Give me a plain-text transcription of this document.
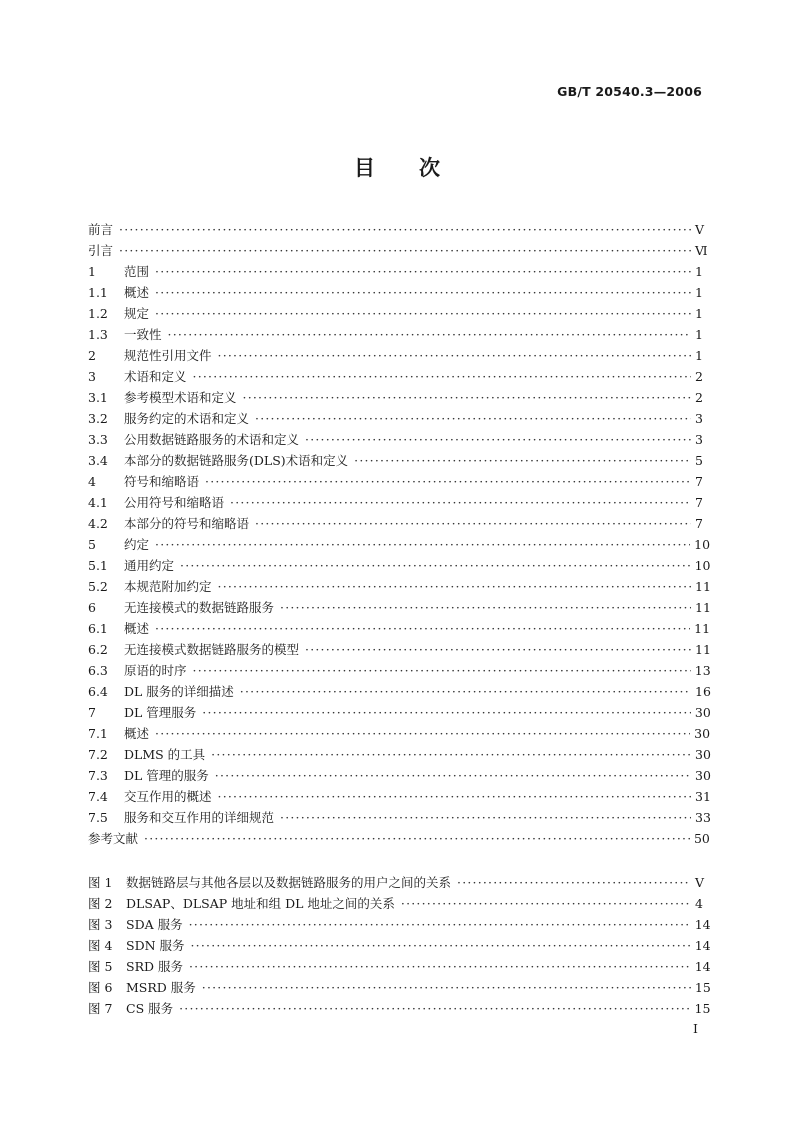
GB/T 20540.3—2006
目次
前言 ·····	Ⅴ
引言 ·····	Ⅵ
1	范围 ·····	1
1.1	概述 ·····	1
1.2	规定 ·····	1
1.3	一致性 ·····	1
2	规范性引用文件 ·····	1
3	术语和定义 ·····	2
3.1	参考模型术语和定义 ·····	2
3.2	服务约定的术语和定义 ·····	3
3.3	公用数据链路服务的术语和定义 ·····	3
3.4	本部分的数据链路服务(DLS)术语和定义 ·····	5
4	符号和缩略语 ·····	7
4.1	公用符号和缩略语 ·····	7
4.2	本部分的符号和缩略语 ·····	7
5	约定 ·····	10
5.1	通用约定 ·····	10
5.2	本规范附加约定 ·····	11
6	无连接模式的数据链路服务 ·····	11
6.1	概述 ·····	11
6.2	无连接模式数据链路服务的模型 ·····	11
6.3	原语的时序 ·····	13
6.4	DL 服务的详细描述 ·····	16
7	DL 管理服务 ·····	30
7.1	概述 ·····	30
7.2	DLMS 的工具 ·····	30
7.3	DL 管理的服务 ·····	30
7.4	交互作用的概述 ·····	31
7.5	服务和交互作用的详细规范 ·····	33
参考文献 ·····	50
图 1	数据链路层与其他各层以及数据链路服务的用户之间的关系 ·····	Ⅴ
图 2	DLSAP、DLSAP 地址和组 DL 地址之间的关系 ·····	4
图 3	SDA 服务 ·····	14
图 4	SDN 服务 ·····	14
图 5	SRD 服务 ·····	14
图 6	MSRD 服务 ·····	15
图 7	CS 服务 ·····	15
Ⅰ
